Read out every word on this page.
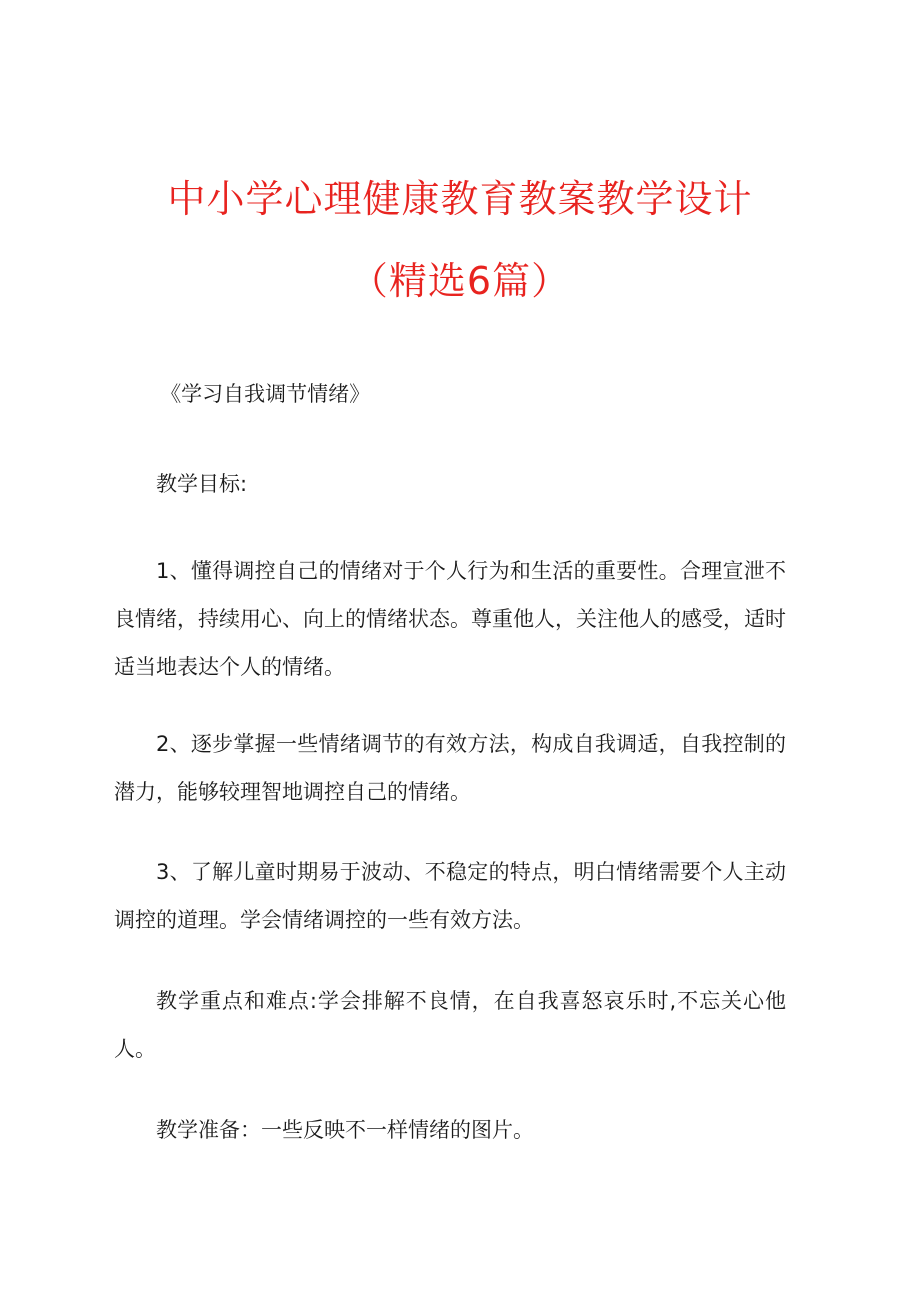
中小学心理健康教育教案教学设计
（精选6篇）

《学习自我调节情绪》

教学目标:

1、懂得调控自己的情绪对于个人行为和生活的重要性。合理宣泄不良情绪，持续用心、向上的情绪状态。尊重他人，关注他人的感受，适时适当地表达个人的情绪。

2、逐步掌握一些情绪调节的有效方法，构成自我调适，自我控制的潜力，能够较理智地调控自己的情绪。

3、了解儿童时期易于波动、不稳定的特点，明白情绪需要个人主动调控的道理。学会情绪调控的一些有效方法。

教学重点和难点:学会排解不良情，在自我喜怒哀乐时,不忘关心他人。

教学准备：一些反映不一样情绪的图片。
